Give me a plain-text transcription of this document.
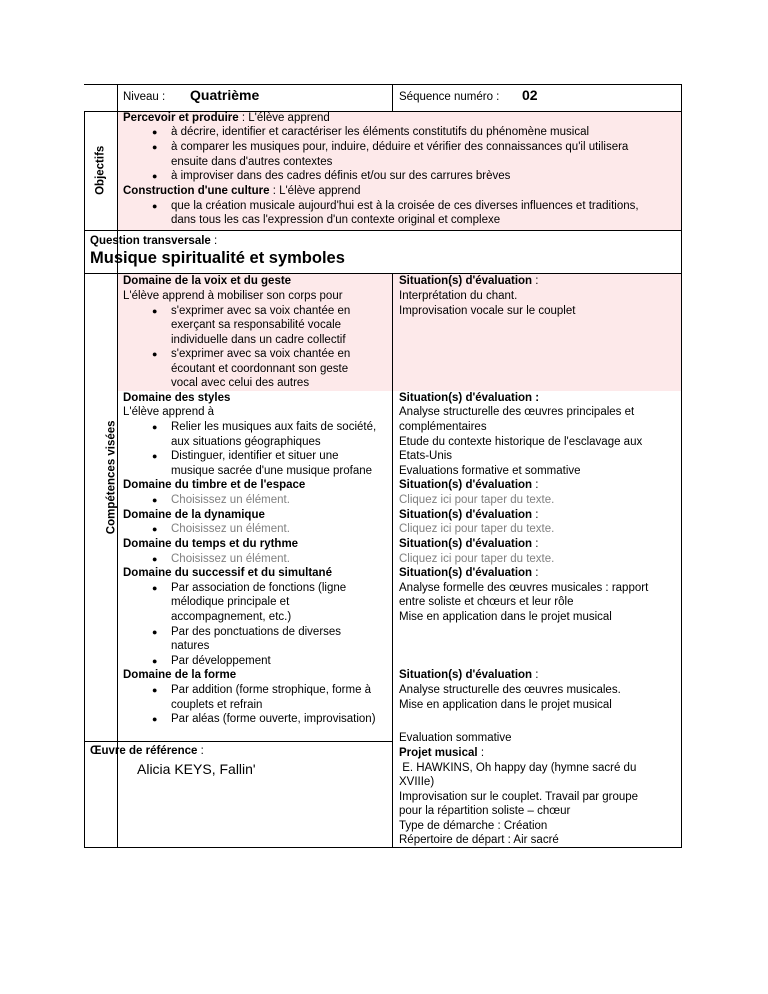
Niveau : Quatrième	Séquence numéro : 02
Objectifs
Percevoir et produire : L'élève apprend
● à décrire, identifier et caractériser les éléments constitutifs du phénomène musical
● à comparer les musiques pour, induire, déduire et vérifier des connaissances qu'il utilisera
ensuite dans d'autres contextes
● à improviser dans des cadres définis et/ou sur des carrures brèves
Construction d'une culture : L'élève apprend
● que la création musicale aujourd'hui est à la croisée de ces diverses influences et traditions,
dans tous les cas l'expression d'un contexte original et complexe
Question transversale :
Musique spiritualité et symboles
Compétences visées
Domaine de la voix et du geste
L'élève apprend à mobiliser son corps pour
● s'exprimer avec sa voix chantée en
exerçant sa responsabilité vocale
individuelle dans un cadre collectif
● s'exprimer avec sa voix chantée en
écoutant et coordonnant son geste
vocal avec celui des autres
Situation(s) d'évaluation :
Interprétation du chant.
Improvisation vocale sur le couplet
Domaine des styles
L'élève apprend à
● Relier les musiques aux faits de société,
aux situations géographiques
● Distinguer, identifier et situer une
musique sacrée d'une musique profane
Situation(s) d'évaluation :
Analyse structurelle des œuvres principales et
complémentaires
Etude du contexte historique de l'esclavage aux
Etats-Unis
Evaluations formative et sommative
Domaine du timbre et de l'espace
● Choisissez un élément.
Situation(s) d'évaluation :
Cliquez ici pour taper du texte.
Domaine de la dynamique
● Choisissez un élément.
Situation(s) d'évaluation :
Cliquez ici pour taper du texte.
Domaine du temps et du rythme
● Choisissez un élément.
Situation(s) d'évaluation :
Cliquez ici pour taper du texte.
Domaine du successif et du simultané
● Par association de fonctions (ligne
mélodique principale et
accompagnement, etc.)
● Par des ponctuations de diverses
natures
● Par développement
Situation(s) d'évaluation :
Analyse formelle des œuvres musicales : rapport
entre soliste et chœurs et leur rôle
Mise en application dans le projet musical
Domaine de la forme
● Par addition (forme strophique, forme à
couplets et refrain
● Par aléas (forme ouverte, improvisation)
Situation(s) d'évaluation :
Analyse structurelle des œuvres musicales.
Mise en application dans le projet musical
Œuvre de référence :
Alicia KEYS, Fallin'
Evaluation sommative
Projet musical :
E. HAWKINS, Oh happy day (hymne sacré du
XVIIIe)
Improvisation sur le couplet. Travail par groupe
pour la répartition soliste – chœur
Type de démarche : Création
Répertoire de départ : Air sacré
